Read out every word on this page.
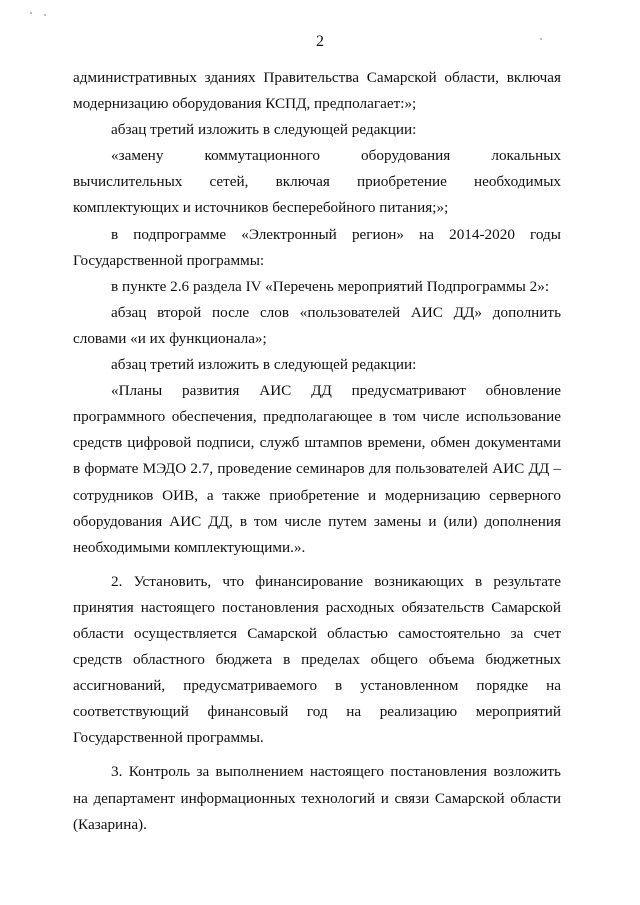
2

административных зданиях Правительства Самарской области, включая модернизацию оборудования КСПД, предполагает:»;

абзац третий изложить в следующей редакции:

«замену коммутационного оборудования локальных вычислительных сетей, включая приобретение необходимых комплектующих и источников бесперебойного питания;»;

в подпрограмме «Электронный регион» на 2014-2020 годы Государственной программы:

в пункте 2.6 раздела IV «Перечень мероприятий Подпрограммы 2»:

абзац второй после слов «пользователей АИС ДД» дополнить словами «и их функционала»;

абзац третий изложить в следующей редакции:

«Планы развития АИС ДД предусматривают обновление программного обеспечения, предполагающее в том числе использование средств цифровой подписи, служб штампов времени, обмен документами в формате МЭДО 2.7, проведение семинаров для пользователей АИС ДД – сотрудников ОИВ, а также приобретение и модернизацию серверного оборудования АИС ДД, в том числе путем замены и (или) дополнения необходимыми комплектующими.».

2. Установить, что финансирование возникающих в результате принятия настоящего постановления расходных обязательств Самарской области осуществляется Самарской областью самостоятельно за счет средств областного бюджета в пределах общего объема бюджетных ассигнований, предусматриваемого в установленном порядке на соответствующий финансовый год на реализацию мероприятий Государственной программы.

3. Контроль за выполнением настоящего постановления возложить на департамент информационных технологий и связи Самарской области (Казарина).
